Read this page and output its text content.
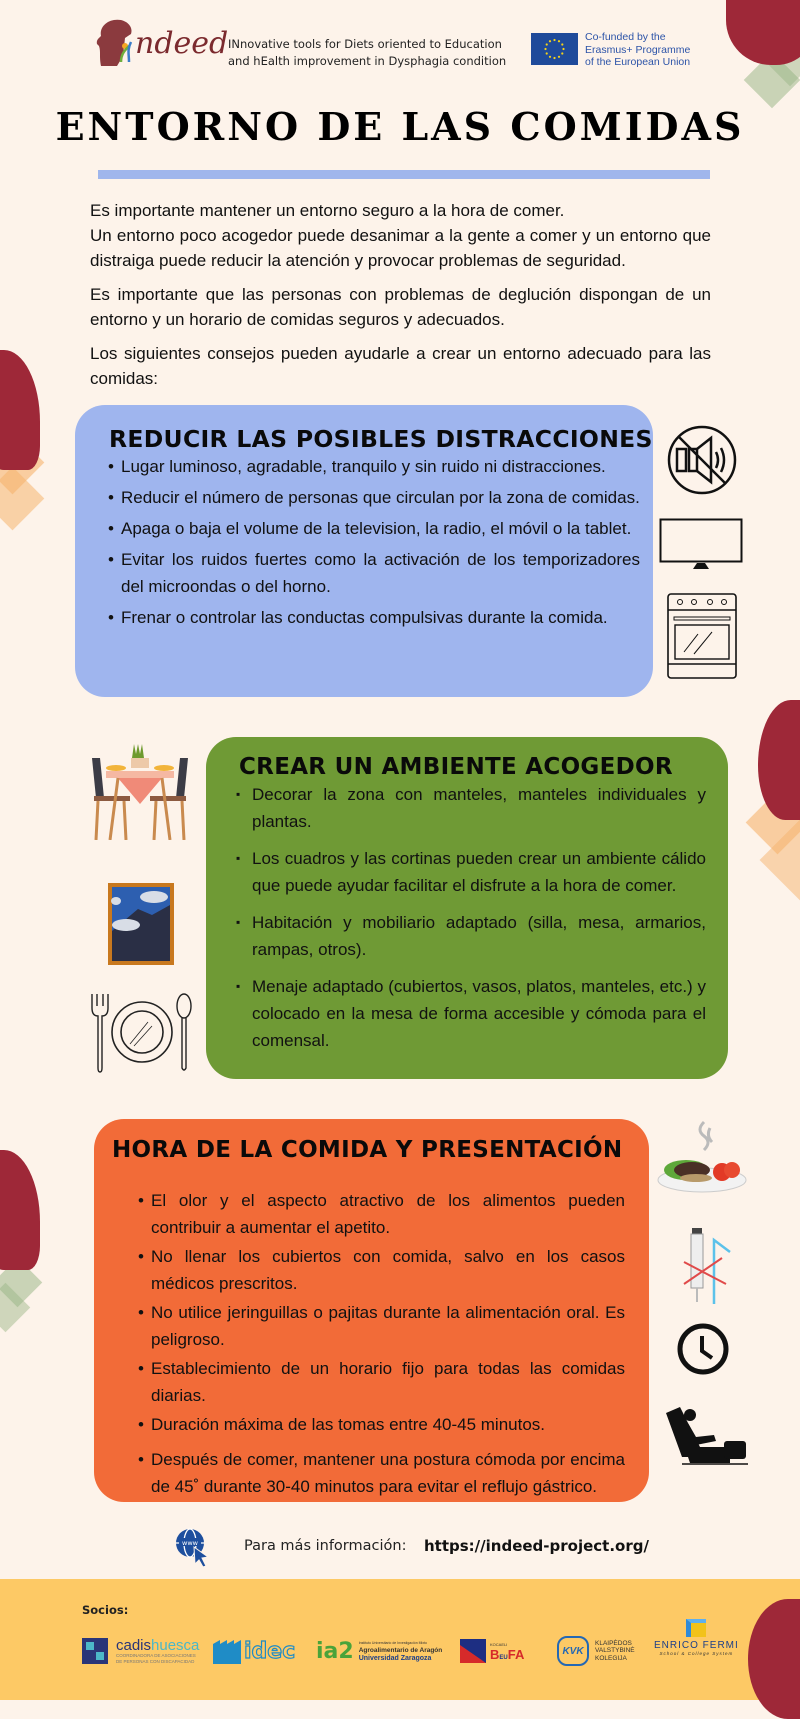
ndeed INnovative tools for Diets oriented to Education
and hEalth improvement in Dysphagia condition
Co-funded by the
Erasmus+ Programme
of the European Union
ENTORNO DE LAS COMIDAS

Es importante mantener un entorno seguro a la hora de comer.
Un entorno poco acogedor puede desanimar a la gente a comer y un entorno que distraiga puede reducir la atención y provocar problemas de seguridad.

Es importante que las personas con problemas de deglución dispongan de un entorno y un horario de comidas seguros y adecuados.

Los siguientes consejos pueden ayudarle a crear un entorno adecuado para las comidas:

REDUCIR LAS POSIBLES DISTRACCIONES
• Lugar luminoso, agradable, tranquilo y sin ruido ni distracciones.
• Reducir el número de personas que circulan por la zona de comidas.
• Apaga o baja el volume de la television, la radio, el móvil o la tablet.
• Evitar los ruidos fuertes como la activación de los temporizadores del microondas o del horno.
• Frenar o controlar las conductas compulsivas durante la comida.
CREAR UN AMBIENTE ACOGEDOR
▪ Decorar la zona con manteles, manteles individuales y plantas.
▪ Los cuadros y las cortinas pueden crear un ambiente cálido que puede ayudar facilitar el disfrute a la hora de comer.
▪ Habitación y mobiliario adaptado (silla, mesa, armarios, rampas, otros).
▪ Menaje adaptado (cubiertos, vasos, platos, manteles, etc.) y colocado en la mesa de forma accesible y cómoda para el comensal.
HORA DE LA COMIDA Y PRESENTACIÓN
• El olor y el aspecto atractivo de los alimentos pueden contribuir a aumentar el apetito.
• No llenar los cubiertos con comida, salvo en los casos médicos prescritos.
• No utilice jeringuillas o pajitas durante la alimentación oral. Es peligroso.
• Establecimiento de un horario fijo para todas las comidas diarias.
• Duración máxima de las tomas entre 40-45 minutos.
• Después de comer, mantener una postura cómoda por encima de 45˚ durante 30-40 minutos para evitar el reflujo gástrico.
www	Para más información: https://indeed-project.org/
Socios:
cadishuesca
COORDINADORA DE ASOCIACIONES
DE PERSONAS CON DISCAPACIDAD idec ia2 Instituto Universitario de Investigación Mixto
Agroalimentario de Aragón
Universidad Zaragoza
KOCAELI
BEUFA	KVK
KLAIPĖDOS
VALSTYBINĖ
KOLEGIJA
ENRICO FERMI
School & College System
